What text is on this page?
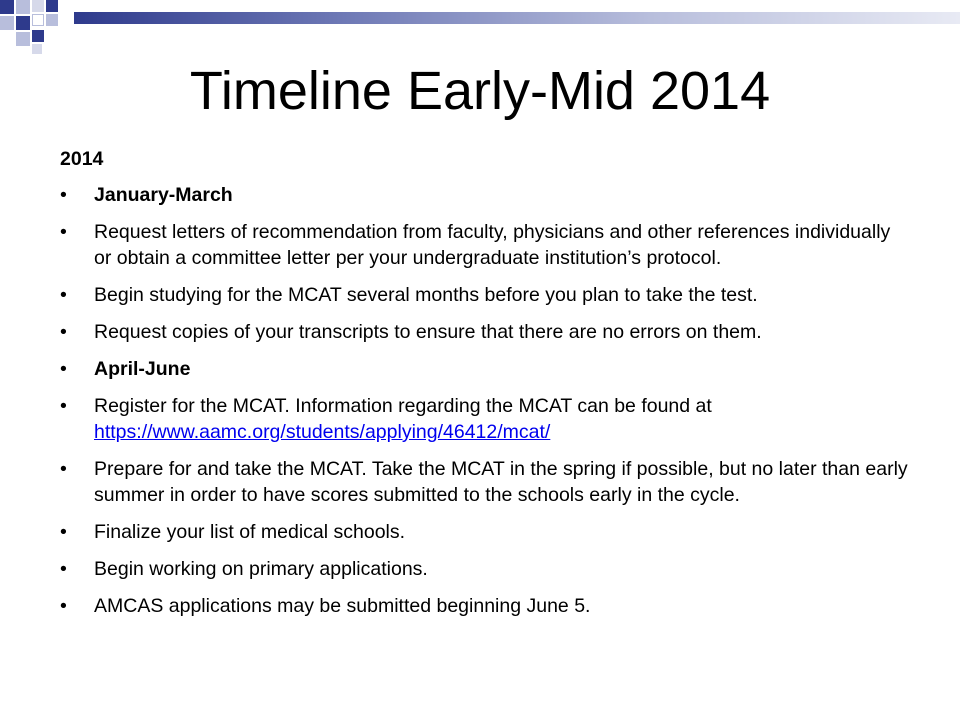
Timeline Early-Mid 2014

2014

• January-March
• Request letters of recommendation from faculty, physicians and other references individually or obtain a committee letter per your undergraduate institution’s protocol.
• Begin studying for the MCAT several months before you plan to take the test.
• Request copies of your transcripts to ensure that there are no errors on them.
• April-June
• Register for the MCAT. Information regarding the MCAT can be found at https://www.aamc.org/students/applying/46412/mcat/
• Prepare for and take the MCAT. Take the MCAT in the spring if possible, but no later than early summer in order to have scores submitted to the schools early in the cycle.
• Finalize your list of medical schools.
• Begin working on primary applications.
• AMCAS applications may be submitted beginning June 5.
